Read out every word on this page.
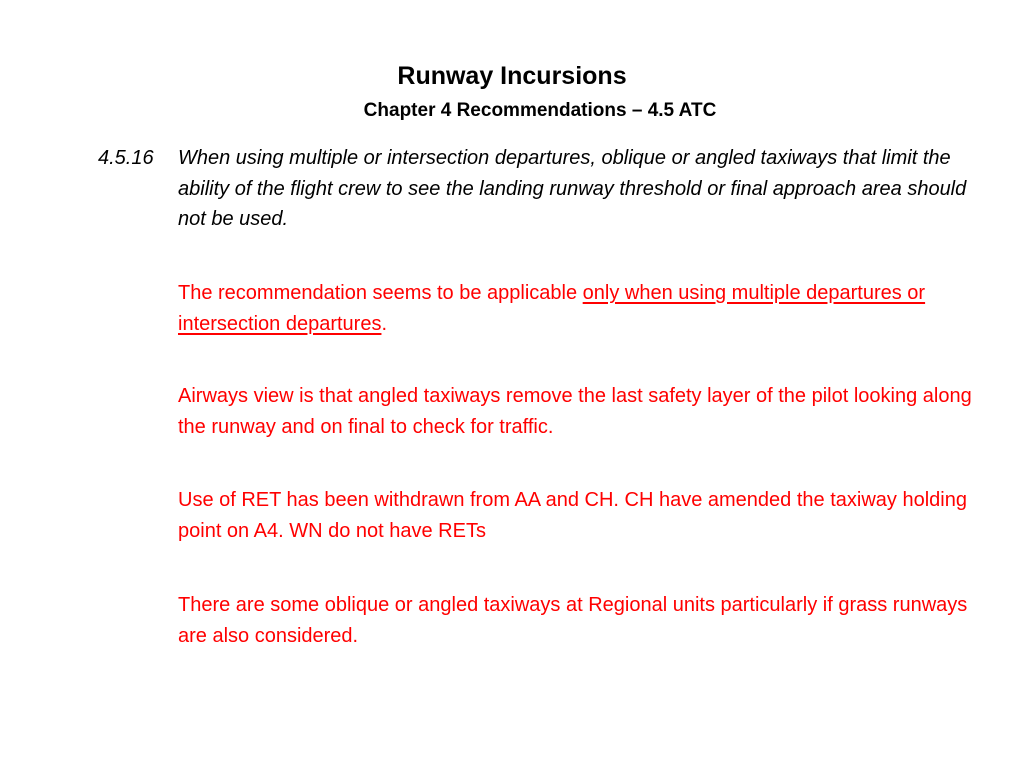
Runway Incursions
Chapter 4 Recommendations – 4.5 ATC
4.5.16 When using multiple or intersection departures, oblique or angled taxiways that limit the ability of the flight crew to see the landing runway threshold or final approach area should not be used.
The recommendation seems to be applicable only when using multiple departures or intersection departures.
Airways view is that angled taxiways remove the last safety layer of the pilot looking along the runway and on final to check for traffic.
Use of RET has been withdrawn from AA and CH. CH have amended the taxiway holding point on A4. WN do not have RETs
There are some oblique or angled taxiways at Regional units particularly if grass runways are also considered.
